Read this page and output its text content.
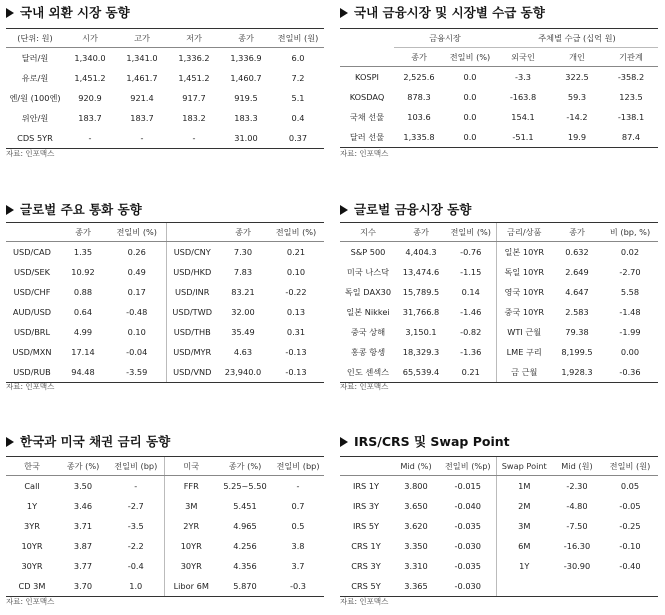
국내 외환 시장 동향
(단위: 원)	시가	고가	저가	종가	전일비 (원)
달러/원	1,340.0	1,341.0	1,336.2	1,336.9	6.0
유로/원	1,451.2	1,461.7	1,451.2	1,460.7	7.2
엔/원 (100엔)	920.9	921.4	917.7	919.5	5.1
위안/원	183.7	183.7	183.2	183.3	0.4
CDS 5YR	-	-	-	31.00	0.37
자료: 인포맥스
국내 금융시장 및 시장별 수급 동향
	금융시장		주체별 수급 (십억 원)		
	종가	전일비 (%)	외국인	개인	기관계
KOSPI	2,525.6	0.0	-3.3	322.5	-358.2
KOSDAQ	878.3	0.0	-163.8	59.3	123.5
국채 선물	103.6	0.0	154.1	-14.2	-138.1
달러 선물	1,335.8	0.0	-51.1	19.9	87.4
자료: 인포맥스
글로벌 주요 통화 동향
	종가	전일비 (%)		종가	전일비 (%)
USD/CAD	1.35	0.26	USD/CNY	7.30	0.21
USD/SEK	10.92	0.49	USD/HKD	7.83	0.10
USD/CHF	0.88	0.17	USD/INR	83.21	-0.22
AUD/USD	0.64	-0.48	USD/TWD	32.00	0.13
USD/BRL	4.99	0.10	USD/THB	35.49	0.31
USD/MXN	17.14	-0.04	USD/MYR	4.63	-0.13
USD/RUB	94.48	-3.59	USD/VND	23,940.0	-0.13
자료: 인포맥스
글로벌 금융시장 동향
지수	종가	전일비 (%)	금리/상품	종가	비 (bp, %)
S&P 500	4,404.3	-0.76	일본 10YR	0.632	0.02
미국 나스닥	13,474.6	-1.15	독일 10YR	2.649	-2.70
독일 DAX30	15,789.5	0.14	영국 10YR	4.647	5.58
일본 Nikkei	31,766.8	-1.46	중국 10YR	2.583	-1.48
중국 상해	3,150.1	-0.82	WTI 근월	79.38	-1.99
홍콩 항셍	18,329.3	-1.36	LME 구리	8,199.5	0.00
인도 센섹스	65,539.4	0.21	금 근월	1,928.3	-0.36
자료: 인포맥스
한국과 미국 채권 금리 동향
한국	종가 (%)	전일비 (bp)	미국	종가 (%)	전일비 (bp)
Call	3.50	-	FFR	5.25~5.50	-
1Y	3.46	-2.7	3M	5.451	0.7
3YR	3.71	-3.5	2YR	4.965	0.5
10YR	3.87	-2.2	10YR	4.256	3.8
30YR	3.77	-0.4	30YR	4.356	3.7
CD 3M	3.70	1.0	Libor 6M	5.870	-0.3
자료: 인포맥스
IRS/CRS 및 Swap Point
	Mid (%)	전일비 (%p)	Swap Point	Mid (원)	전일비 (원)
IRS 1Y	3.800	-0.015	1M	-2.30	0.05
IRS 3Y	3.650	-0.040	2M	-4.80	-0.05
IRS 5Y	3.620	-0.035	3M	-7.50	-0.25
CRS 1Y	3.350	-0.030	6M	-16.30	-0.10
CRS 3Y	3.310	-0.035	1Y	-30.90	-0.40
CRS 5Y	3.365	-0.030			
자료: 인포맥스
